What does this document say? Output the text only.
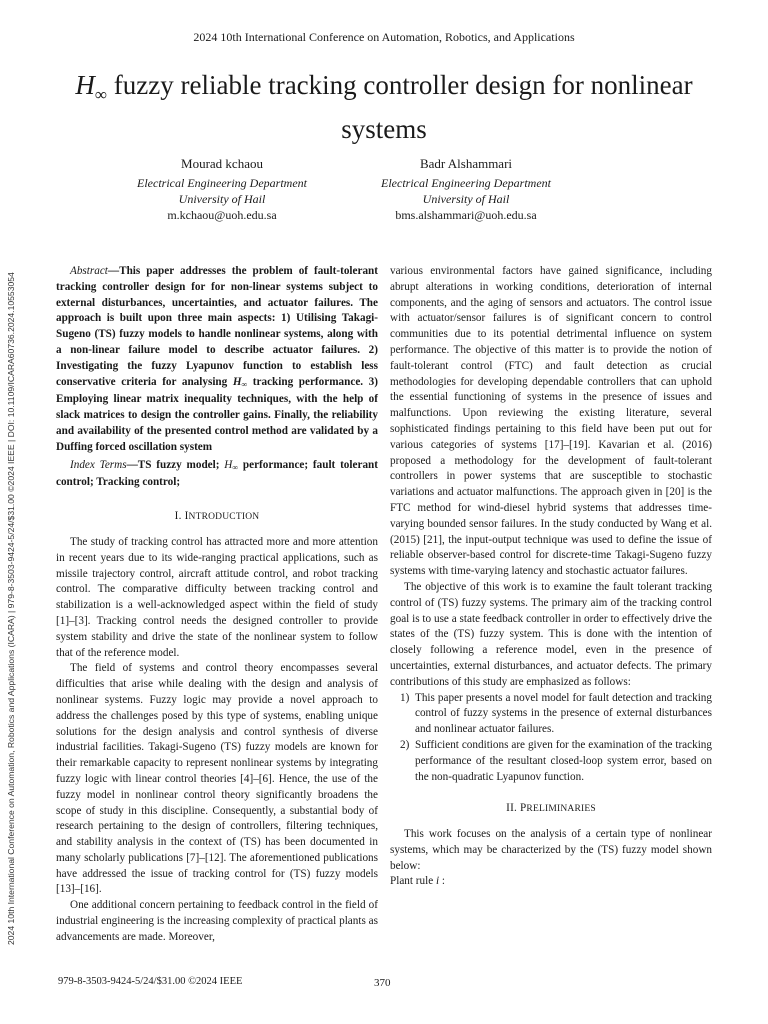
2024 10th International Conference on Automation, Robotics, and Applications
$H_\infty$ fuzzy reliable tracking controller design for nonlinear systems
Mourad kchaou
Electrical Engineering Department
University of Hail
m.kchaou@uoh.edu.sa
Badr Alshammari
Electrical Engineering Department
University of Hail
bms.alshammari@uoh.edu.sa
2024 10th International Conference on Automation, Robotics and Applications (ICARA) | 979-8-3503-9424-5/24/$31.00 ©2024 IEEE | DOI: 10.1109/ICARA60736.2024.10553054

Abstract—This paper addresses the problem of fault-tolerant tracking controller design for for non-linear systems subject to external disturbances, uncertainties, and actuator failures. The approach is built upon three main aspects: 1) Utilising Takagi-Sugeno (TS) fuzzy models to handle nonlinear systems, along with a non-linear failure model to describe actuator failures. 2) Investigating the fuzzy Lyapunov function to establish less conservative criteria for analysing H∞ tracking performance. 3) Employing linear matrix inequality techniques, with the help of slack matrices to design the controller gains. Finally, the reliability and availability of the presented control method are validated by a Duffing forced oscillation system

Index Terms—TS fuzzy model; H∞ performance; fault tolerant control; Tracking control;

I. INTRODUCTION

The study of tracking control has attracted more and more attention in recent years due to its wide-ranging practical applications, such as missile trajectory control, aircraft attitude control, and robot tracking control. The comparative difficulty between tracking control and stabilization is a well-acknowledged aspect within the field of study [1]–[3]. Tracking control needs the designed controller to provide system stability and drive the state of the nonlinear system to follow that of the reference model.

The field of systems and control theory encompasses several difficulties that arise while dealing with the design and analysis of nonlinear systems. Fuzzy logic may provide a novel approach to address the challenges posed by this type of systems, enabling unique solutions for the design analysis and control synthesis of diverse industrial facilities. Takagi-Sugeno (TS) fuzzy models are known for their remarkable capacity to represent nonlinear systems by integrating fuzzy logic with linear control theories [4]–[6]. Hence, the use of the fuzzy model in nonlinear control theory significantly broadens the scope of study in this discipline. Consequently, a substantial body of research pertaining to the design of controllers, filtering techniques, and stability analysis in the context of (TS) has been documented in many scholarly publications [7]–[12]. The aforementioned publications have addressed the issue of tracking control for (TS) fuzzy models [13]–[16].

One additional concern pertaining to feedback control in the field of industrial engineering is the increasing complexity of practical plants as advancements are made. Moreover,

various environmental factors have gained significance, including abrupt alterations in working conditions, deterioration of internal components, and the aging of sensors and actuators. The control issue with actuator/sensor failures is of significant concern to control communities due to its potential detrimental influence on system performance. The objective of this matter is to provide the notion of fault-tolerant control (FTC) and fault detection as crucial methodologies for developing dependable controllers that can uphold the essential functioning of systems in the presence of issues and malfunctions. Upon reviewing the existing literature, several sophisticated findings pertaining to this field have been put out for various categories of systems [17]–[19]. Kavarian et al. (2016) proposed a methodology for the development of fault-tolerant controllers in power systems that are susceptible to stochastic variations and actuator malfunctions. The approach given in [20] is the FTC method for wind-diesel hybrid systems that addresses time-varying bounded sensor failures. In the study conducted by Wang et al. (2015) [21], the input-output technique was used to define the issue of reliable observer-based control for discrete-time Takagi-Sugeno fuzzy systems with time-varying latency and stochastic actuator failures.

The objective of this work is to examine the fault tolerant tracking control of (TS) fuzzy systems. The primary aim of the tracking control goal is to use a state feedback controller in order to effectively drive the states of the (TS) fuzzy system. This is done with the intention of closely following a reference model, even in the presence of uncertainties, external disturbances, and actuator defects. The primary contributions of this study are emphasized as follows:

1) This paper presents a novel model for fault detection and tracking control of fuzzy systems in the presence of external disturbances and nonlinear actuator failures.
2) Sufficient conditions are given for the examination of the tracking performance of the resultant closed-loop system error, based on the non-quadratic Lyapunov function.
II. PRELIMINARIES

This work focuses on the analysis of a certain type of nonlinear systems, which may be characterized by the (TS) fuzzy model shown below:

Plant rule i :

979-8-3503-9424-5/24/$31.00 ©2024 IEEE	370
